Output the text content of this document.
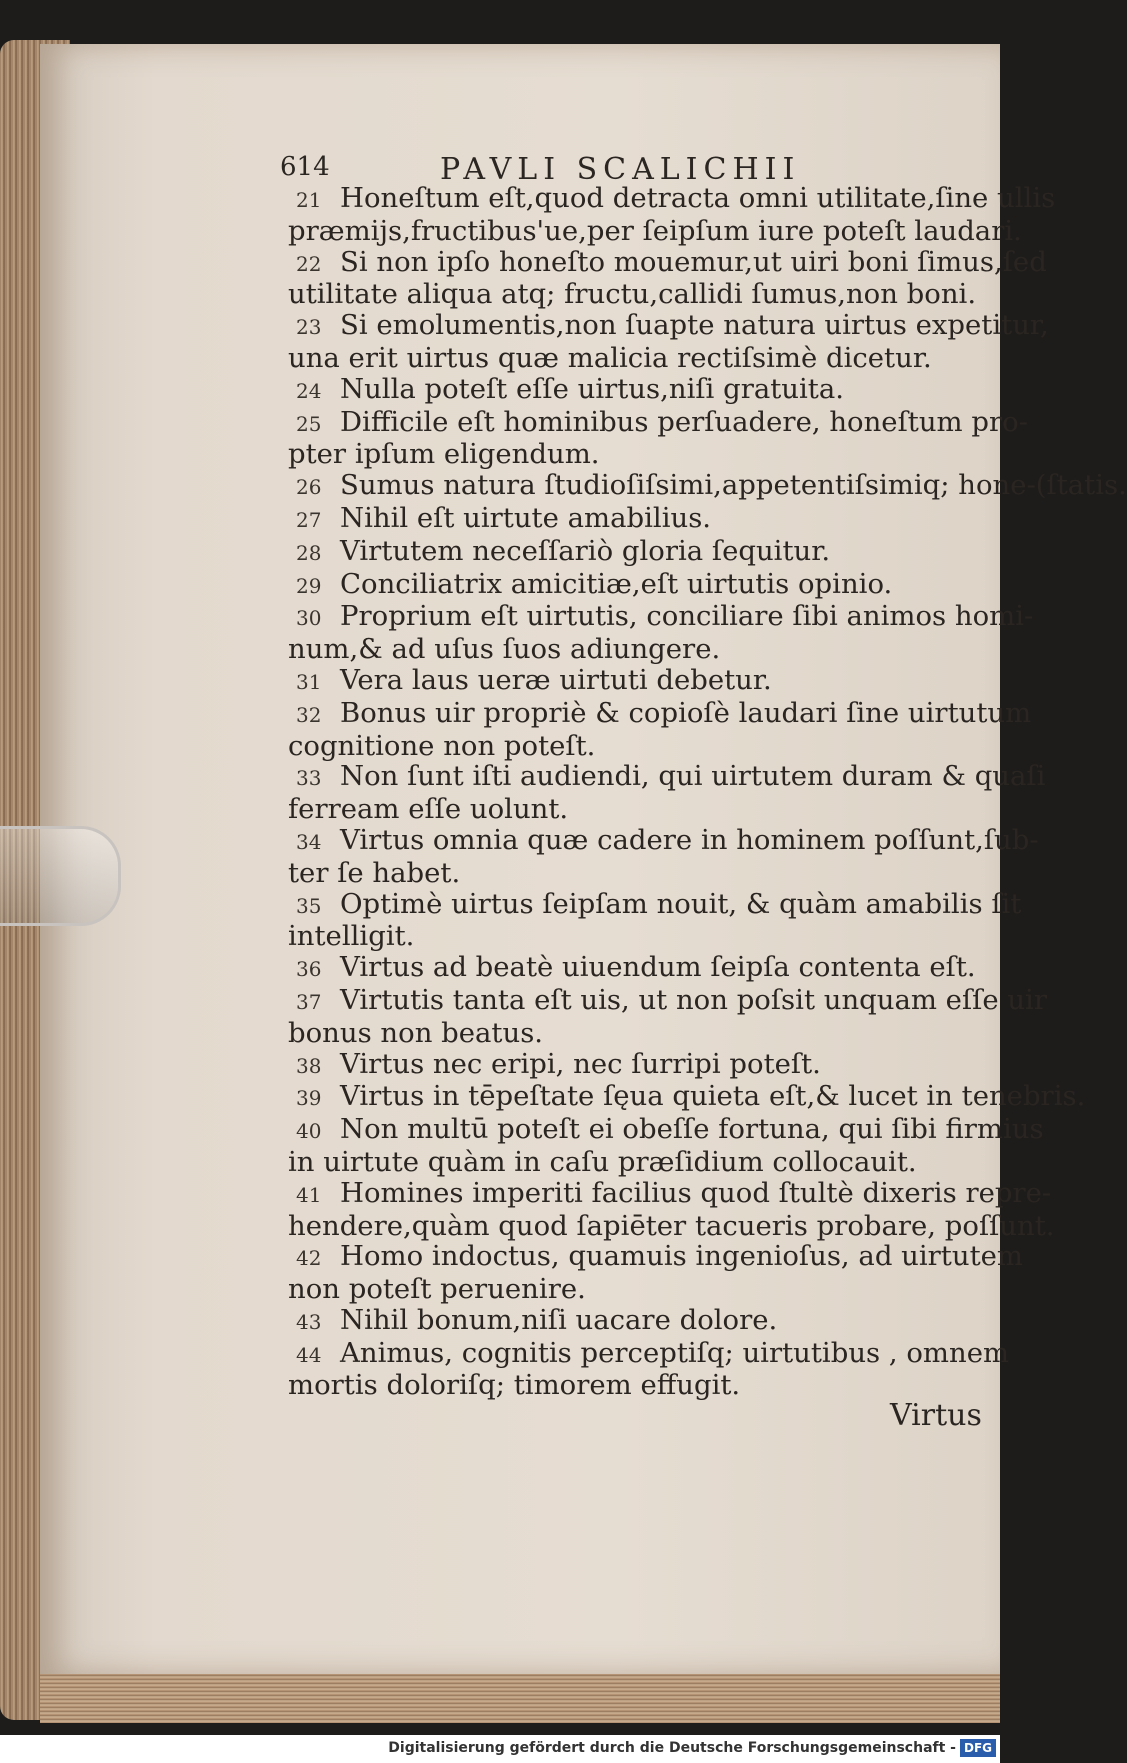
614	PAVLI SCALICHII
21 Honeſtum eſt,quod detracta omni utilitate,ſine ullis
præmijs,fructibus'ue,per ſeipſum iure poteſt laudari.
22 Si non ipſo honeſto mouemur,ut uiri boni ſimus,ſed
utilitate aliqua atq; fructu,callidi ſumus,non boni.
23 Si emolumentis,non ſuapte natura uirtus expetitur,
una erit uirtus quæ malicia rectiſsimè dicetur.
24 Nulla poteſt eſſe uirtus,niſi gratuita.
25 Difficile eſt hominibus perſuadere, honeſtum pro-
pter ipſum eligendum.
26 Sumus natura ſtudioſiſsimi,appetentiſsimiq; hone-(ſtatis.
27 Nihil eſt uirtute amabilius.
28 Virtutem neceſſariò gloria ſequitur.
29 Conciliatrix amicitiæ,eſt uirtutis opinio.
30 Proprium eſt uirtutis, conciliare ſibi animos homi-
num,& ad uſus ſuos adiungere.
31 Vera laus ueræ uirtuti debetur.
32 Bonus uir propriè & copioſè laudari ſine uirtutum
cognitione non poteſt.
33 Non ſunt iſti audiendi, qui uirtutem duram & quaſi
ferream eſſe uolunt.
34 Virtus omnia quæ cadere in hominem poſſunt,ſub-
ter ſe habet.
35 Optimè uirtus ſeipſam nouit, & quàm amabilis ſit
intelligit.
36 Virtus ad beatè uiuendum ſeipſa contenta eſt.
37 Virtutis tanta eſt uis, ut non poſsit unquam eſſe uir
bonus non beatus.
38 Virtus nec eripi, nec ſurripi poteſt.
39 Virtus in tēpeſtate ſęua quieta eſt,& lucet in tenebris.
40 Non multū poteſt ei obeſſe fortuna, qui ſibi firmius
in uirtute quàm in caſu præſidium collocauit.
41 Homines imperiti facilius quod ſtultè dixeris repre-
hendere,quàm quod ſapiēter tacueris probare, poſſunt.
42 Homo indoctus, quamuis ingenioſus, ad uirtutem
non poteſt peruenire.
43 Nihil bonum,niſi uacare dolore.
44 Animus, cognitis perceptiſq; uirtutibus , omnem
mortis doloriſq; timorem effugit.
Virtus
Digitalisierung gefördert durch die Deutsche Forschungsgemeinschaft - DFG
